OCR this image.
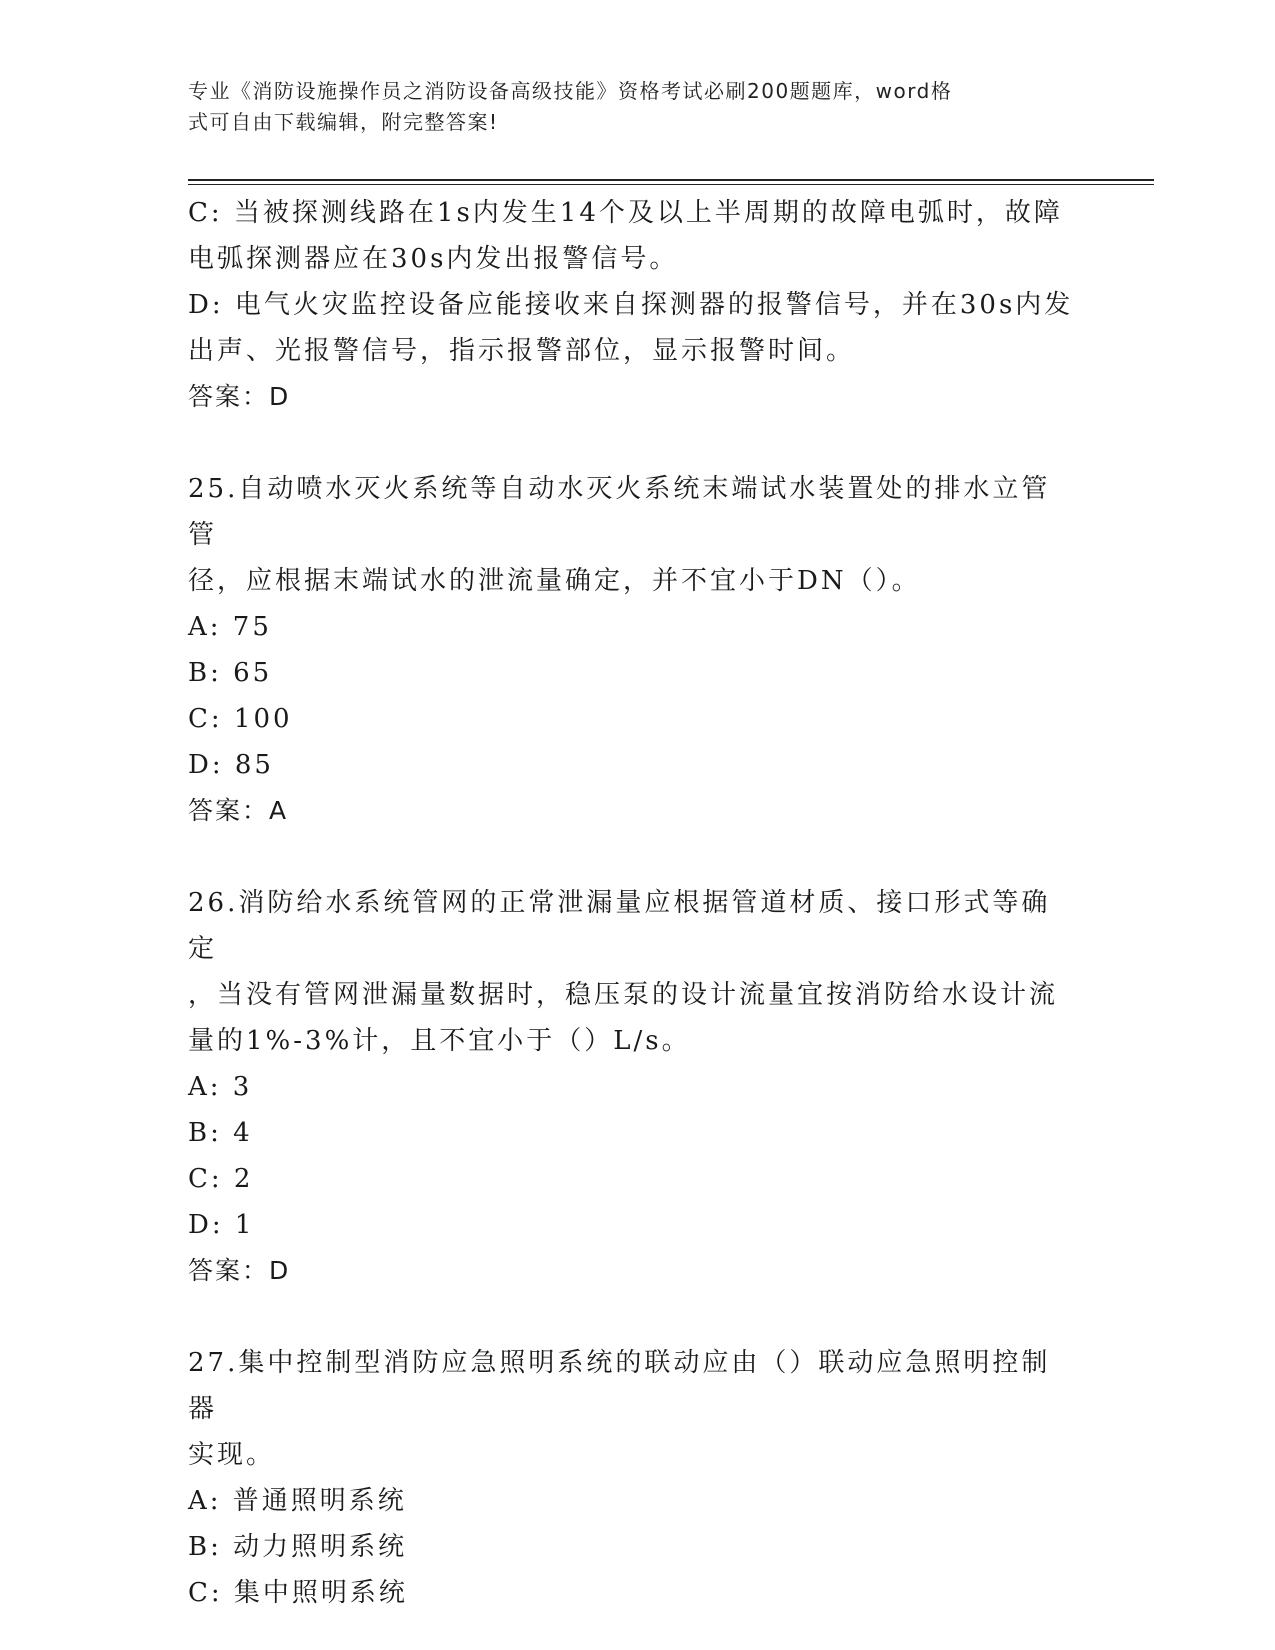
专业《消防设施操作员之消防设备高级技能》资格考试必刷200题题库，word格
式可自由下载编辑，附完整答案!

C: 当被探测线路在1s内发生14个及以上半周期的故障电弧时，故障

电弧探测器应在30s内发出报警信号。

D: 电气火灾监控设备应能接收来自探测器的报警信号，并在30s内发

出声、光报警信号，指示报警部位，显示报警时间。

答案：D

25.自动喷水灭火系统等自动水灭火系统末端试水装置处的排水立管管

径，应根据末端试水的泄流量确定，并不宜小于DN（）。

A: 75

B: 65

C: 100

D: 85

答案：A

26.消防给水系统管网的正常泄漏量应根据管道材质、接口形式等确定

，当没有管网泄漏量数据时，稳压泵的设计流量宜按消防给水设计流

量的1%-3%计，且不宜小于（）L/s。

A: 3

B: 4

C: 2

D: 1

答案：D

27.集中控制型消防应急照明系统的联动应由（）联动应急照明控制器

实现。

A: 普通照明系统

B: 动力照明系统

C: 集中照明系统
